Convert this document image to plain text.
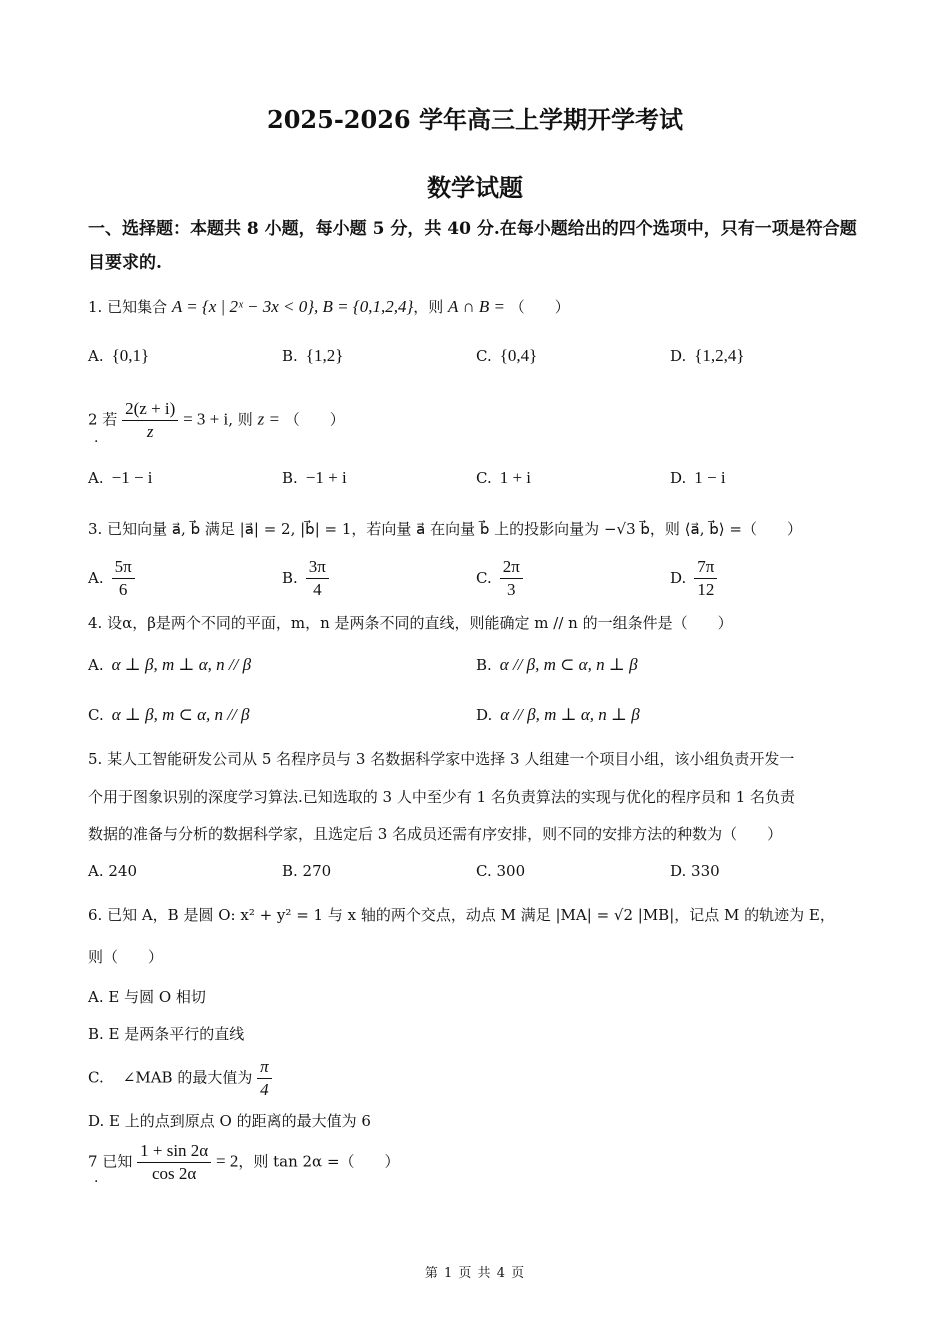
2025-2026 学年高三上学期开学考试
数学试题
一、选择题：本题共 8 小题，每小题 5 分，共 40 分.在每小题给出的四个选项中，只有一项是符合题目要求的.
1. 已知集合 A = {x | 2ˣ − 3x < 0}, B = {0,1,2,4}，则 A ∩ B = （　　）
A. {0,1}	B. {1,2}	C. {0,4}	D. {1,2,4}
2 若 $\frac{2(z + i)}{z} = 3 + i$, 则 z = （　　）
·
A. −1 − i	B. −1 + i	C. 1 + i	D. 1 − i
3. 已知向量 a⃗, b⃗ 满足 |a⃗| = 2, |b⃗| = 1，若向量 a⃗ 在向量 b⃗ 上的投影向量为 −√3 b⃗，则 ⟨a⃗, b⃗⟩ =（　　）
A. $\frac{5\pi}{6}$	B. $\frac{3\pi}{4}$	C. $\frac{2\pi}{3}$	D. $\frac{7\pi}{12}$
4. 设α，β是两个不同的平面，m，n 是两条不同的直线，则能确定 m // n 的一组条件是（　　）
A. α ⊥ β, m ⊥ α, n // β	B. α // β, m ⊂ α, n ⊥ β
C. α ⊥ β, m ⊂ α, n // β	D. α // β, m ⊥ α, n ⊥ β
5. 某人工智能研发公司从 5 名程序员与 3 名数据科学家中选择 3 人组建一个项目小组，该小组负责开发一
个用于图象识别的深度学习算法.已知选取的 3 人中至少有 1 名负责算法的实现与优化的程序员和 1 名负责
数据的准备与分析的数据科学家，且选定后 3 名成员还需有序安排，则不同的安排方法的种数为（　　）
A. 240	B. 270	C. 300	D. 330
6. 已知 A，B 是圆 O: x² + y² = 1 与 x 轴的两个交点，动点 M 满足 |MA| = √2 |MB|，记点 M 的轨迹为 E，
则（　　）
A. E 与圆 O 相切
B. E 是两条平行的直线
C. ∠MAB 的最大值为 $\frac{\pi}{4}$
D. E 上的点到原点 O 的距离的最大值为 6
7 已知 $\frac{1 + \sin 2\alpha}{\cos 2\alpha} = 2$，则 tan 2α =（　　）
·
第 1 页 共 4 页
